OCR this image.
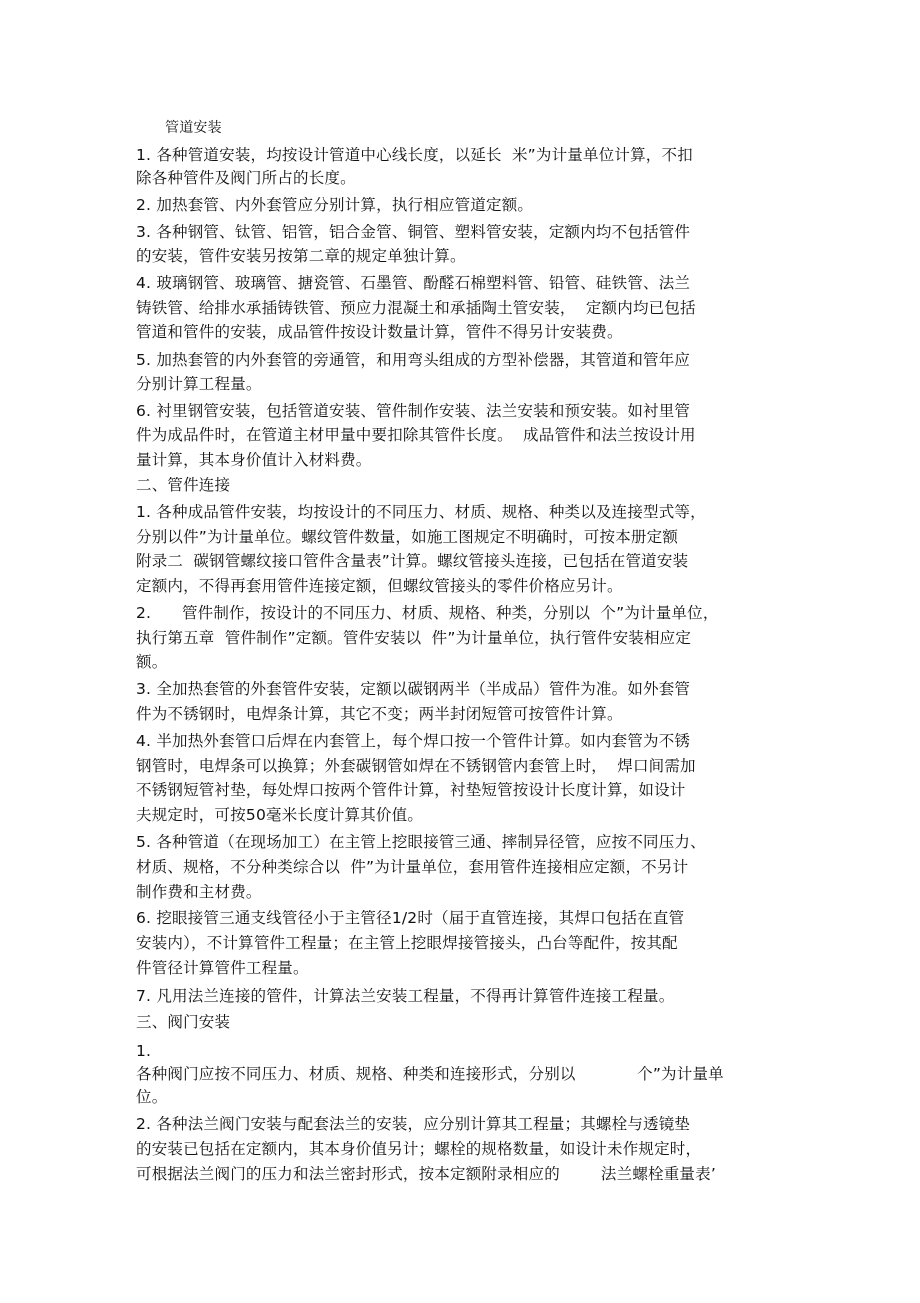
管道安装
1. 各种管道安装，均按设计管道中心线长度，以延长  米”为计量单位计算，不扣
除各种管件及阀门所占的长度。
2. 加热套管、内外套管应分别计算，执行相应管道定额。
3. 各种钢管、钛管、铝管，铝合金管、铜管、塑料管安装，定额内均不包括管件
的安装，管件安装另按第二章的规定单独计算。
4. 玻璃钢管、玻璃管、搪瓷管、石墨管、酚醛石棉塑料管、铅管、硅铁管、法兰
铸铁管、给排水承插铸铁管、预应力混凝土和承插陶土管安装，  定额内均已包括
管道和管件的安装，成品管件按设计数量计算，管件不得另计安装费。
5. 加热套管的内外套管的旁通管，和用弯头组成的方型补偿器，其管道和管年应
分别计算工程量。
6. 衬里钢管安装，包括管道安装、管件制作安装、法兰安装和预安装。如衬里管
件为成品件时，在管道主材甲量中要扣除其管件长度。  成品管件和法兰按设计用
量计算，其本身价值计入材料费。
二、管件连接
1. 各种成品管件安装，均按设计的不同压力、材质、规格、种类以及连接型式等，
分别以件”为计量单位。螺纹管件数量，如施工图规定不明确时，可按本册定额
附录二  碳钢管螺纹接口管件含量表”计算。螺纹管接头连接，已包括在管道安装
定额内，不得再套用管件连接定额，但螺纹管接头的零件价格应另计。
2.      管件制作，按设计的不同压力、材质、规格、种类，分别以  个”为计量单位，
执行第五章  管件制作”定额。管件安装以  件”为计量单位，执行管件安装相应定
额。
3. 全加热套管的外套管件安装，定额以碳钢两半（半成品）管件为准。如外套管
件为不锈钢时，电焊条计算，其它不变；两半封闭短管可按管件计算。
4. 半加热外套管口后焊在内套管上，每个焊口按一个管件计算。如内套管为不锈
钢管时，电焊条可以换算；外套碳钢管如焊在不锈钢管内套管上时，  焊口间需加
不锈钢短管衬垫，每处焊口按两个管件计算，衬垫短管按设计长度计算，如设计
夫规定时，可按50毫米长度计算其价值。
5. 各种管道（在现场加工）在主管上挖眼接管三通、摔制异径管，应按不同压力、
材质、规格，不分种类综合以  件”为计量单位，套用管件连接相应定额，不另计
制作费和主材费。
6. 挖眼接管三通支线管径小于主管径1/2时（届于直管连接，其焊口包括在直管
安装内），不计算管件工程量；在主管上挖眼焊接管接头，凸台等配件，按其配
件管径计算管件工程量。
7. 凡用法兰连接的管件，计算法兰安装工程量，不得再计算管件连接工程量。
三、阀门安装
1.
各种阀门应按不同压力、材质、规格、种类和连接形式，分别以            个”为计量单
位。
2. 各种法兰阀门安装与配套法兰的安装，应分别计算其工程量；其螺栓与透镜垫
的安装已包括在定额内，其本身价值另计；螺栓的规格数量，如设计未作规定时，
可根据法兰阀门的压力和法兰密封形式，按本定额附录相应的        法兰螺栓重量表’
